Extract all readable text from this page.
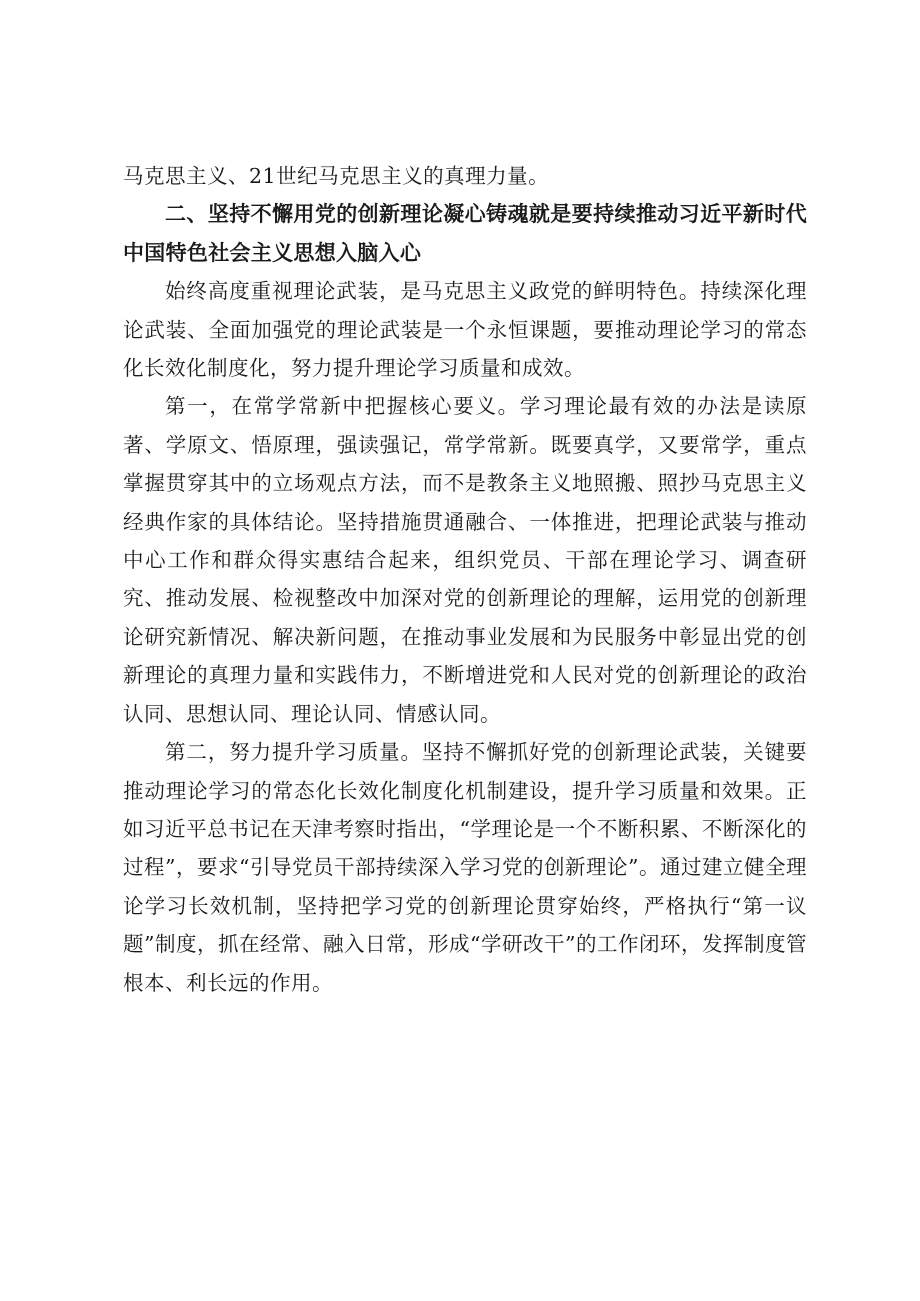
马克思主义、21世纪马克思主义的真理力量。

二、坚持不懈用党的创新理论凝心铸魂就是要持续推动习近平新时代中国特色社会主义思想入脑入心

始终高度重视理论武装，是马克思主义政党的鲜明特色。持续深化理论武装、全面加强党的理论武装是一个永恒课题，要推动理论学习的常态化长效化制度化，努力提升理论学习质量和成效。

第一，在常学常新中把握核心要义。学习理论最有效的办法是读原著、学原文、悟原理，强读强记，常学常新。既要真学，又要常学，重点掌握贯穿其中的立场观点方法，而不是教条主义地照搬、照抄马克思主义经典作家的具体结论。坚持措施贯通融合、一体推进，把理论武装与推动中心工作和群众得实惠结合起来，组织党员、干部在理论学习、调查研究、推动发展、检视整改中加深对党的创新理论的理解，运用党的创新理论研究新情况、解决新问题，在推动事业发展和为民服务中彰显出党的创新理论的真理力量和实践伟力，不断增进党和人民对党的创新理论的政治认同、思想认同、理论认同、情感认同。

第二，努力提升学习质量。坚持不懈抓好党的创新理论武装，关键要推动理论学习的常态化长效化制度化机制建设，提升学习质量和效果。正如习近平总书记在天津考察时指出，“学理论是一个不断积累、不断深化的过程”，要求“引导党员干部持续深入学习党的创新理论”。通过建立健全理论学习长效机制，坚持把学习党的创新理论贯穿始终，严格执行“第一议题”制度，抓在经常、融入日常，形成“学研改干”的工作闭环，发挥制度管根本、利长远的作用。
